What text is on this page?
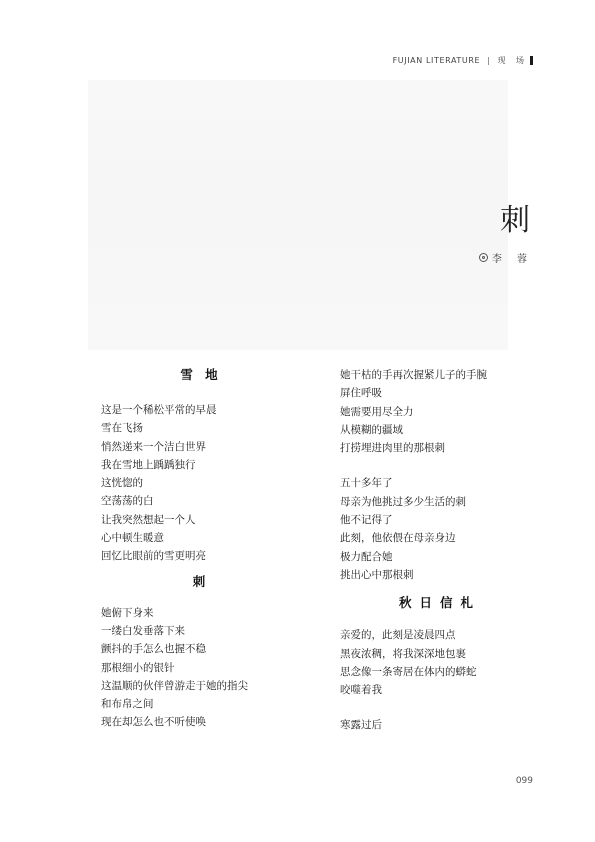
FUJIAN LITERATURE | 现 场
刺
李 蓉
雪 地
这是一个稀松平常的早晨
雪在飞扬
悄然递来一个洁白世界
我在雪地上踽踽独行
这恍惚的
空荡荡的白
让我突然想起一个人
心中顿生暖意
回忆比眼前的雪更明亮
刺
她俯下身来
一缕白发垂落下来
颤抖的手怎么也握不稳
那根细小的银针
这温顺的伙伴曾游走于她的指尖
和布帛之间
现在却怎么也不听使唤
她干枯的手再次握紧儿子的手腕
屏住呼吸
她需要用尽全力
从模糊的疆域
打捞埋进肉里的那根刺
五十多年了
母亲为他挑过多少生活的刺
他不记得了
此刻，他依偎在母亲身边
极力配合她
挑出心中那根刺
秋日信札
亲爱的，此刻是凌晨四点
黑夜浓稠，将我深深地包裹
思念像一条寄居在体内的蟒蛇
咬噬着我
寒露过后
099
